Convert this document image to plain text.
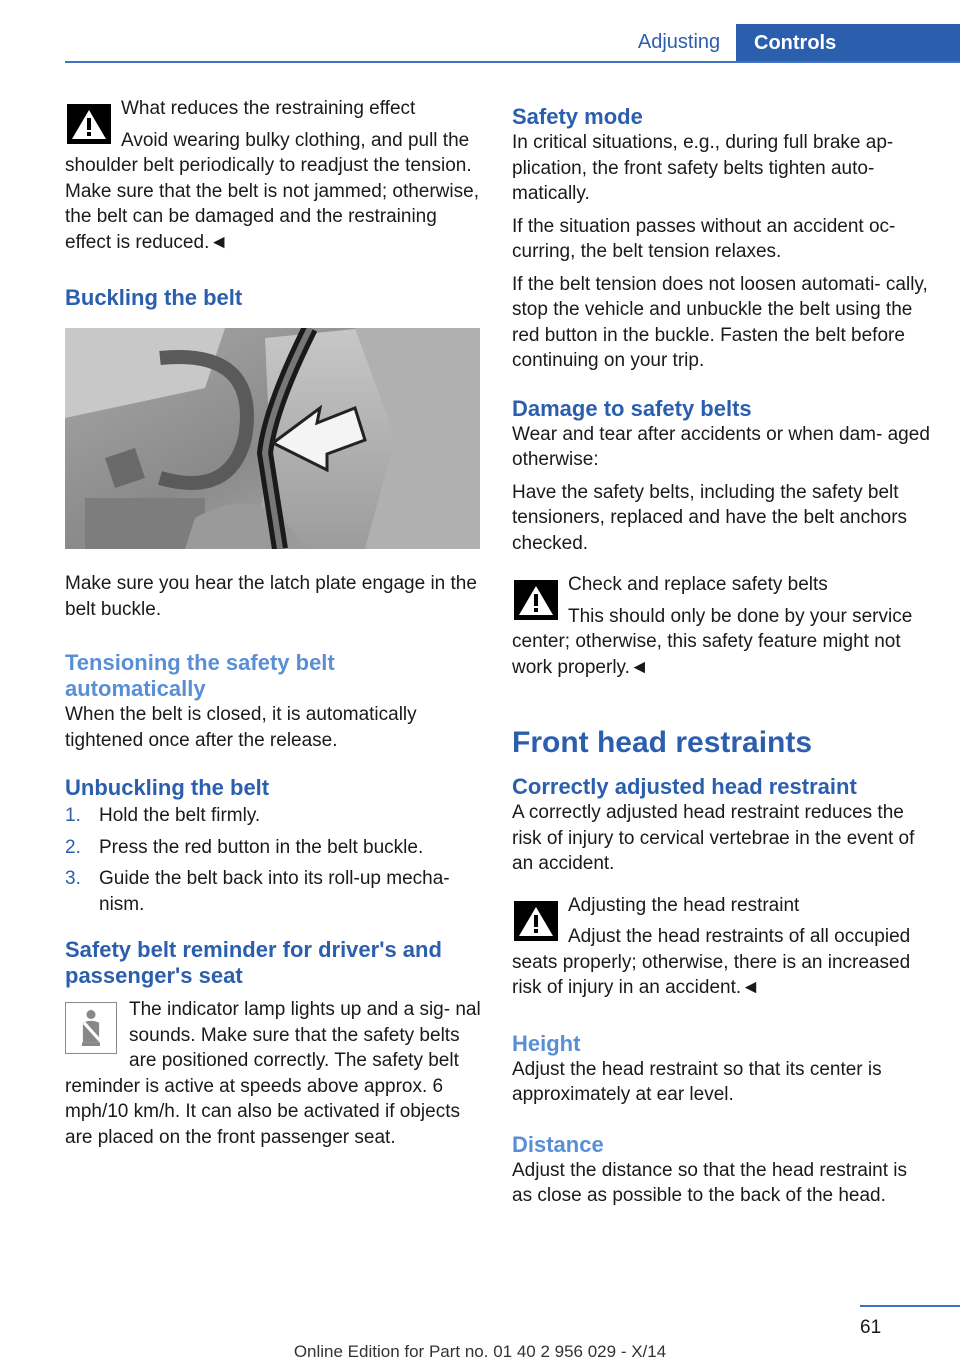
Adjusting	Controls
What reduces the restraining effect

Avoid wearing bulky clothing, and pull the shoulder belt periodically to readjust the tension. Make sure that the belt is not jammed; otherwise, the belt can be damaged and the restraining effect is reduced.◄

Buckling the belt

Make sure you hear the latch plate engage in the belt buckle.

Tensioning the safety belt automatically

When the belt is closed, it is automatically tightened once after the release.

Unbuckling the belt
1. Hold the belt firmly.
2. Press the red button in the belt buckle.
3. Guide the belt back into its roll-up mecha‐ nism.
Safety belt reminder for driver's and passenger's seat

The indicator lamp lights up and a sig‐ nal sounds. Make sure that the safety belts are positioned correctly. The safety belt reminder is active at speeds above approx. 6 mph/10 km/h. It can also be activated if objects are placed on the front passenger seat.

Safety mode

In critical situations, e.g., during full brake ap‐ plication, the front safety belts tighten auto‐ matically.

If the situation passes without an accident oc‐ curring, the belt tension relaxes.

If the belt tension does not loosen automati‐ cally, stop the vehicle and unbuckle the belt using the red button in the buckle. Fasten the belt before continuing on your trip.

Damage to safety belts

Wear and tear after accidents or when dam‐ aged otherwise:

Have the safety belts, including the safety belt tensioners, replaced and have the belt anchors checked.

Check and replace safety belts

This should only be done by your service center; otherwise, this safety feature might not work properly.◄

Front head restraints
Correctly adjusted head restraint

A correctly adjusted head restraint reduces the risk of injury to cervical vertebrae in the event of an accident.

Adjusting the head restraint

Adjust the head restraints of all occupied seats properly; otherwise, there is an increased risk of injury in an accident.◄

Height

Adjust the head restraint so that its center is approximately at ear level.

Distance

Adjust the distance so that the head restraint is as close as possible to the back of the head.

61
Online Edition for Part no. 01 40 2 956 029 - X/14
